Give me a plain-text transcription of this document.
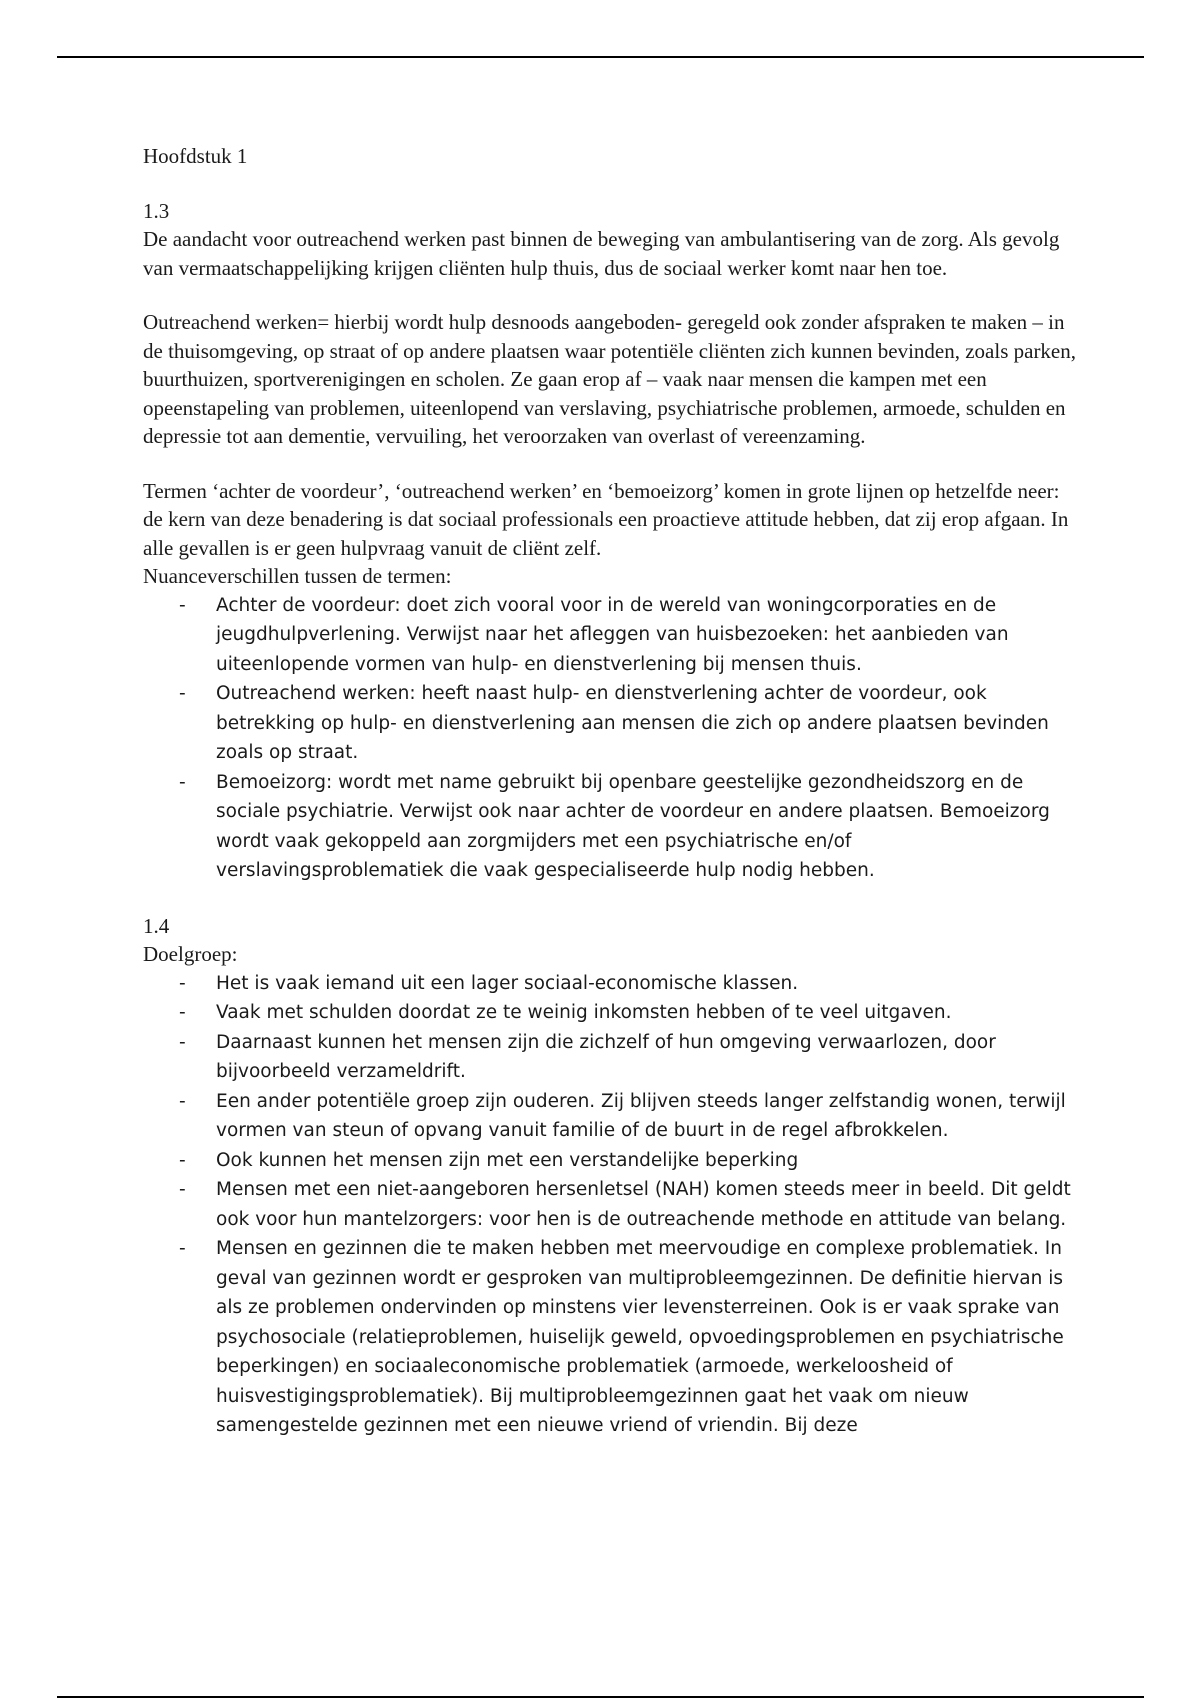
Hoofdstuk 1

1.3

De aandacht voor outreachend werken past binnen de beweging van ambulantisering van de zorg. Als gevolg van vermaatschappelijking krijgen cliënten hulp thuis, dus de sociaal werker komt naar hen toe.

Outreachend werken= hierbij wordt hulp desnoods aangeboden- geregeld ook zonder afspraken te maken – in de thuisomgeving, op straat of op andere plaatsen waar potentiële cliënten zich kunnen bevinden, zoals parken, buurthuizen, sportverenigingen en scholen. Ze gaan erop af – vaak naar mensen die kampen met een opeenstapeling van problemen, uiteenlopend van verslaving, psychiatrische problemen, armoede, schulden en depressie tot aan dementie, vervuiling, het veroorzaken van overlast of vereenzaming.

Termen ‘achter de voordeur’, ‘outreachend werken’ en ‘bemoeizorg’ komen in grote lijnen op hetzelfde neer: de kern van deze benadering is dat sociaal professionals een proactieve attitude hebben, dat zij erop afgaan. In alle gevallen is er geen hulpvraag vanuit de cliënt zelf.

Nuanceverschillen tussen de termen:

- Achter de voordeur: doet zich vooral voor in de wereld van woningcorporaties en de jeugdhulpverlening. Verwijst naar het afleggen van huisbezoeken: het aanbieden van uiteenlopende vormen van hulp- en dienstverlening bij mensen thuis.
- Outreachend werken: heeft naast hulp- en dienstverlening achter de voordeur, ook betrekking op hulp- en dienstverlening aan mensen die zich op andere plaatsen bevinden zoals op straat.
- Bemoeizorg: wordt met name gebruikt bij openbare geestelijke gezondheidszorg en de sociale psychiatrie. Verwijst ook naar achter de voordeur en andere plaatsen. Bemoeizorg wordt vaak gekoppeld aan zorgmijders met een psychiatrische en/of verslavingsproblematiek die vaak gespecialiseerde hulp nodig hebben.

1.4

Doelgroep:

- Het is vaak iemand uit een lager sociaal-economische klassen.
- Vaak met schulden doordat ze te weinig inkomsten hebben of te veel uitgaven.
- Daarnaast kunnen het mensen zijn die zichzelf of hun omgeving verwaarlozen, door bijvoorbeeld verzameldrift.
- Een ander potentiële groep zijn ouderen. Zij blijven steeds langer zelfstandig wonen, terwijl vormen van steun of opvang vanuit familie of de buurt in de regel afbrokkelen.
- Ook kunnen het mensen zijn met een verstandelijke beperking
- Mensen met een niet-aangeboren hersenletsel (NAH) komen steeds meer in beeld. Dit geldt ook voor hun mantelzorgers: voor hen is de outreachende methode en attitude van belang.
- Mensen en gezinnen die te maken hebben met meervoudige en complexe problematiek. In geval van gezinnen wordt er gesproken van multiprobleemgezinnen. De definitie hiervan is als ze problemen ondervinden op minstens vier levensterreinen. Ook is er vaak sprake van psychosociale (relatieproblemen, huiselijk geweld, opvoedingsproblemen en psychiatrische beperkingen) en sociaaleconomische problematiek (armoede, werkeloosheid of huisvestigingsproblematiek). Bij multiprobleemgezinnen gaat het vaak om nieuw samengestelde gezinnen met een nieuwe vriend of vriendin. Bij deze
